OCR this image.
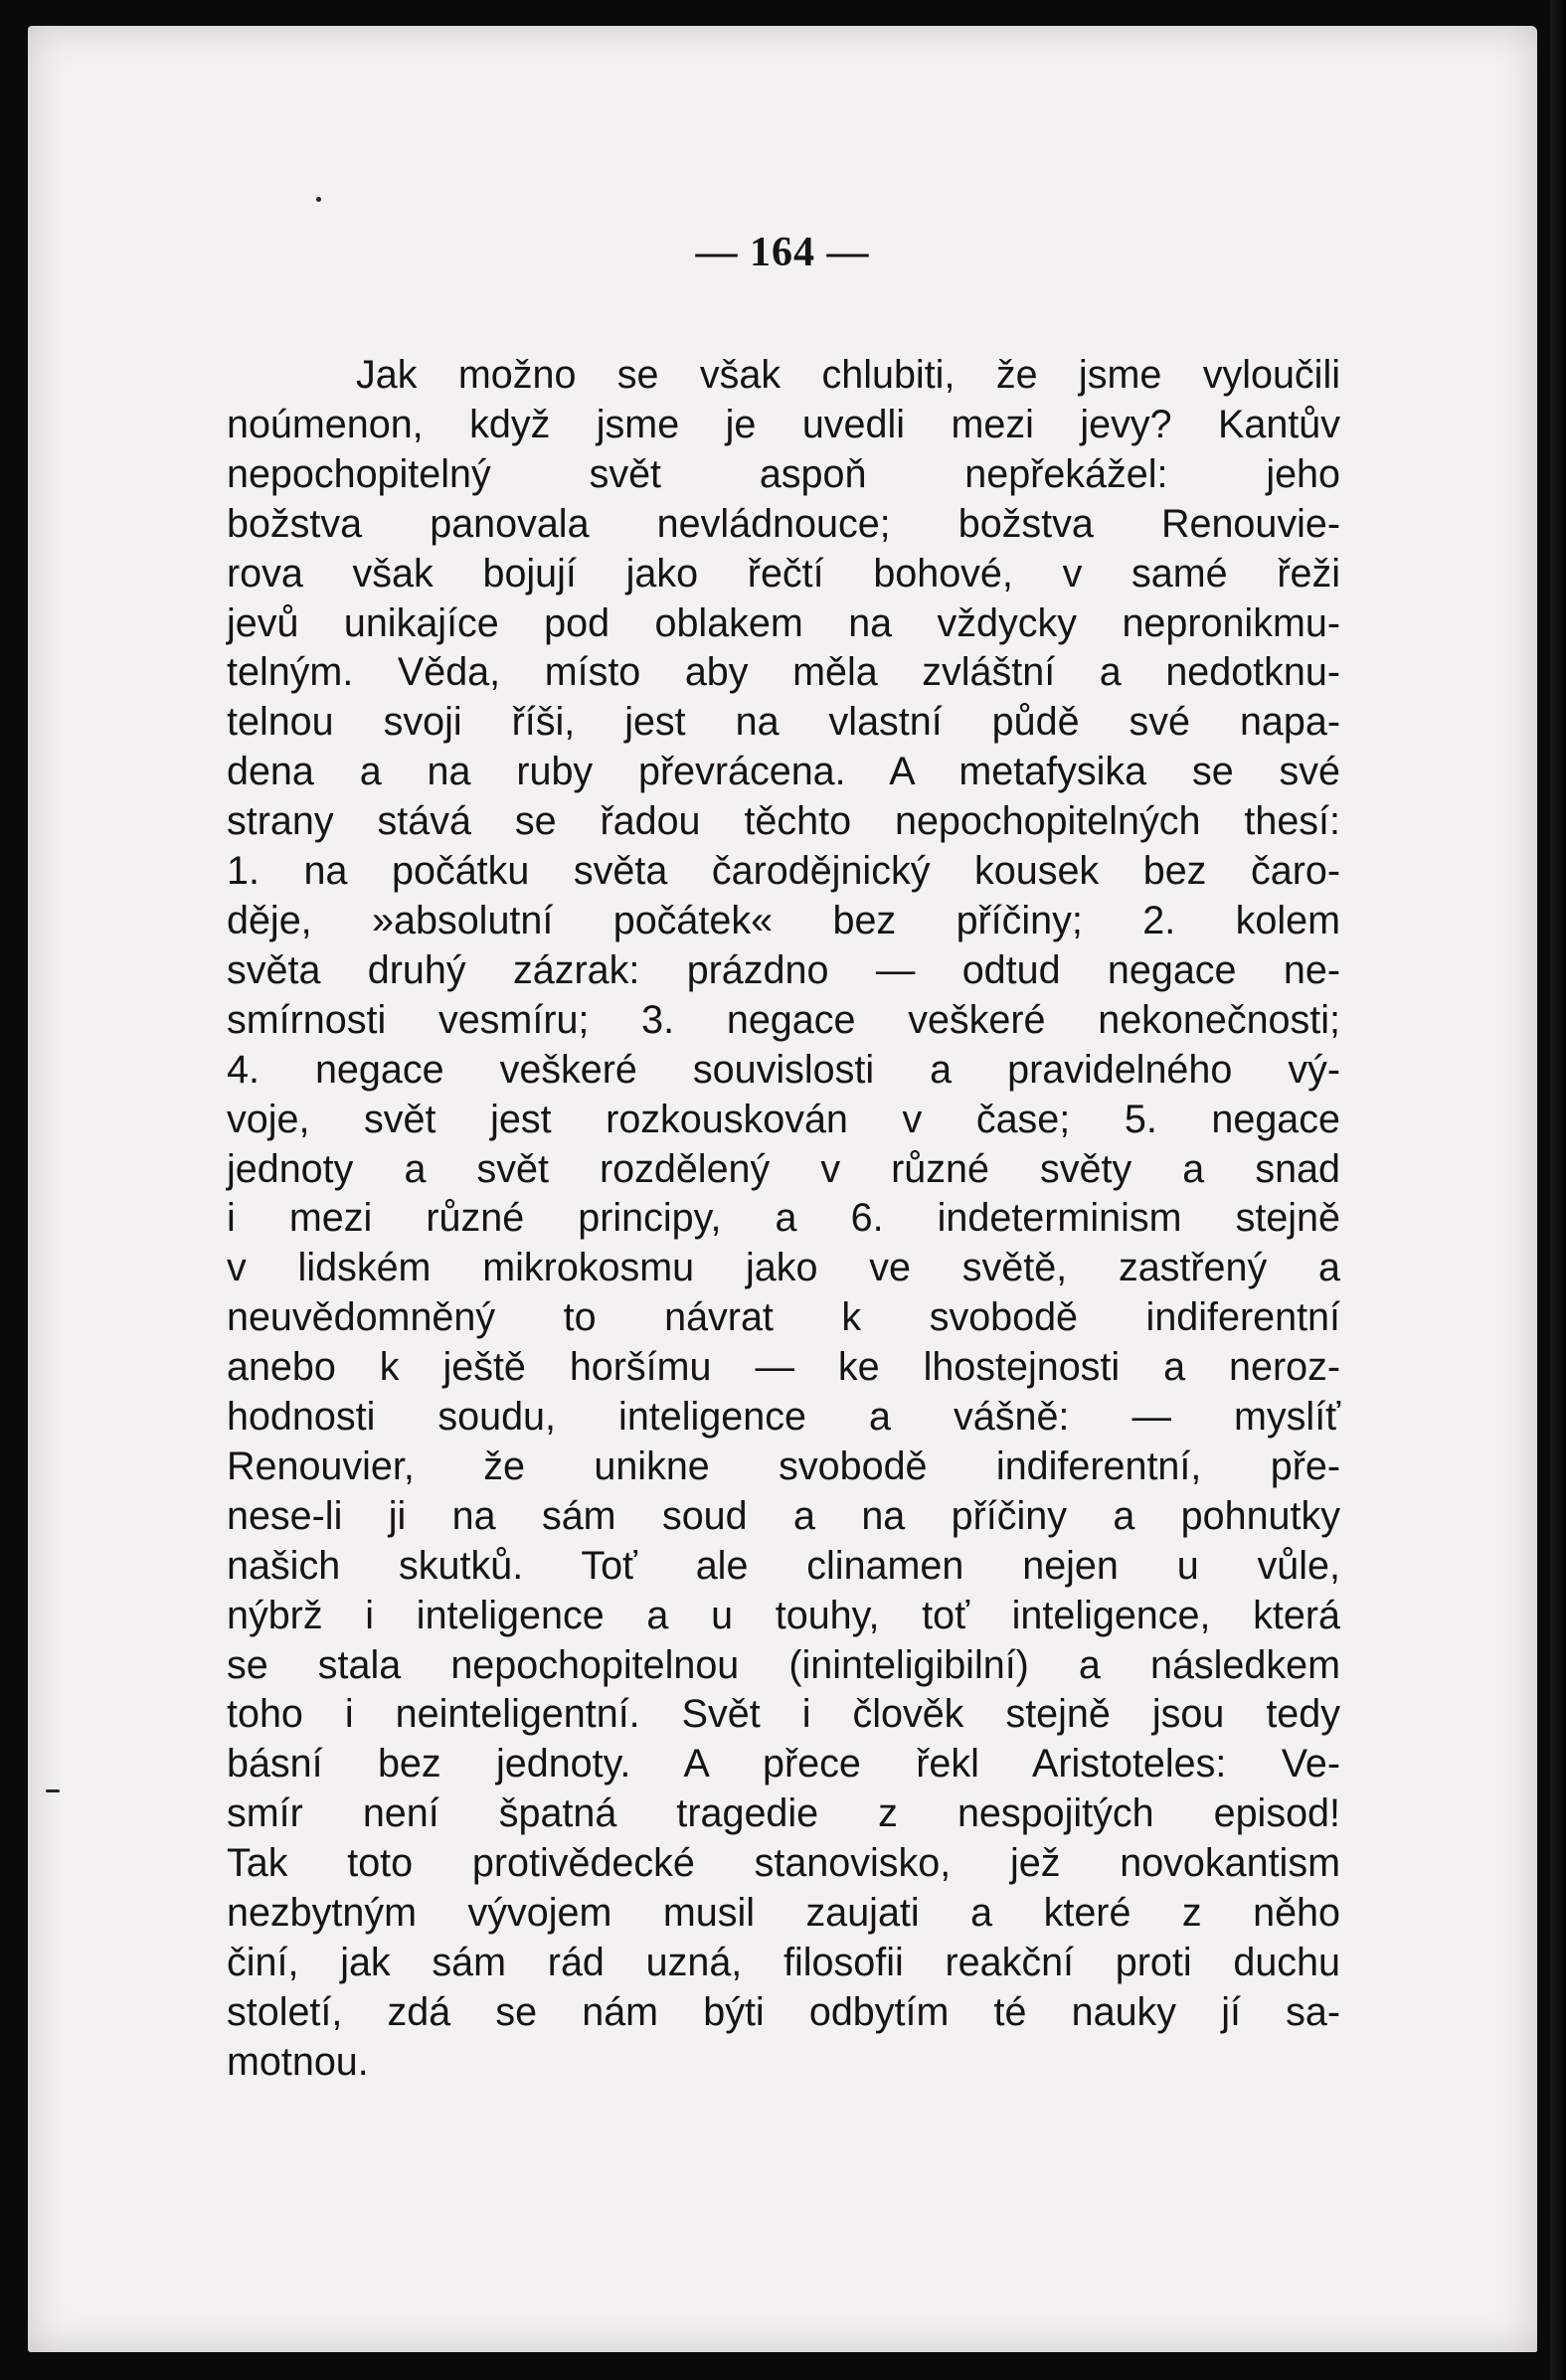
— 164 —
Jak možno se však chlubiti, že jsme vyloučili
noúmenon, když jsme je uvedli mezi jevy? Kantův
nepochopitelný svět aspoň nepřekážel: jeho
božstva panovala nevládnouce; božstva Renouvie-
rova však bojují jako řečtí bohové, v samé řeži
jevů unikajíce pod oblakem na vždycky nepronikmu-
telným. Věda, místo aby měla zvláštní a nedotknu-
telnou svoji říši, jest na vlastní půdě své napa-
dena a na ruby převrácena. A metafysika se své
strany stává se řadou těchto nepochopitelných thesí:
1. na počátku světa čarodějnický kousek bez čaro-
děje, »absolutní počátek« bez příčiny; 2. kolem
světa druhý zázrak: prázdno — odtud negace ne-
smírnosti vesmíru; 3. negace veškeré nekonečnosti;
4. negace veškeré souvislosti a pravidelného vý-
voje, svět jest rozkouskován v čase; 5. negace
jednoty a svět rozdělený v různé světy a snad
i mezi různé principy, a 6. indeterminism stejně
v lidském mikrokosmu jako ve světě, zastřený a
neuvědomněný to návrat k svobodě indiferentní
anebo k ještě horšímu — ke lhostejnosti a neroz-
hodnosti soudu, inteligence a vášně: — myslíť
Renouvier, že unikne svobodě indiferentní, pře-
nese-li ji na sám soud a na příčiny a pohnutky
našich skutků. Toť ale clinamen nejen u vůle,
nýbrž i inteligence a u touhy, toť inteligence, která
se stala nepochopitelnou (ininteligibilní) a následkem
toho i neinteligentní. Svět i člověk stejně jsou tedy
básní bez jednoty. A přece řekl Aristoteles: Ve-
smír není špatná tragedie z nespojitých episod!
Tak toto protivědecké stanovisko, jež novokantism
nezbytným vývojem musil zaujati a které z něho
činí, jak sám rád uzná, filosofii reakční proti duchu
století, zdá se nám býti odbytím té nauky jí sa-
motnou.
